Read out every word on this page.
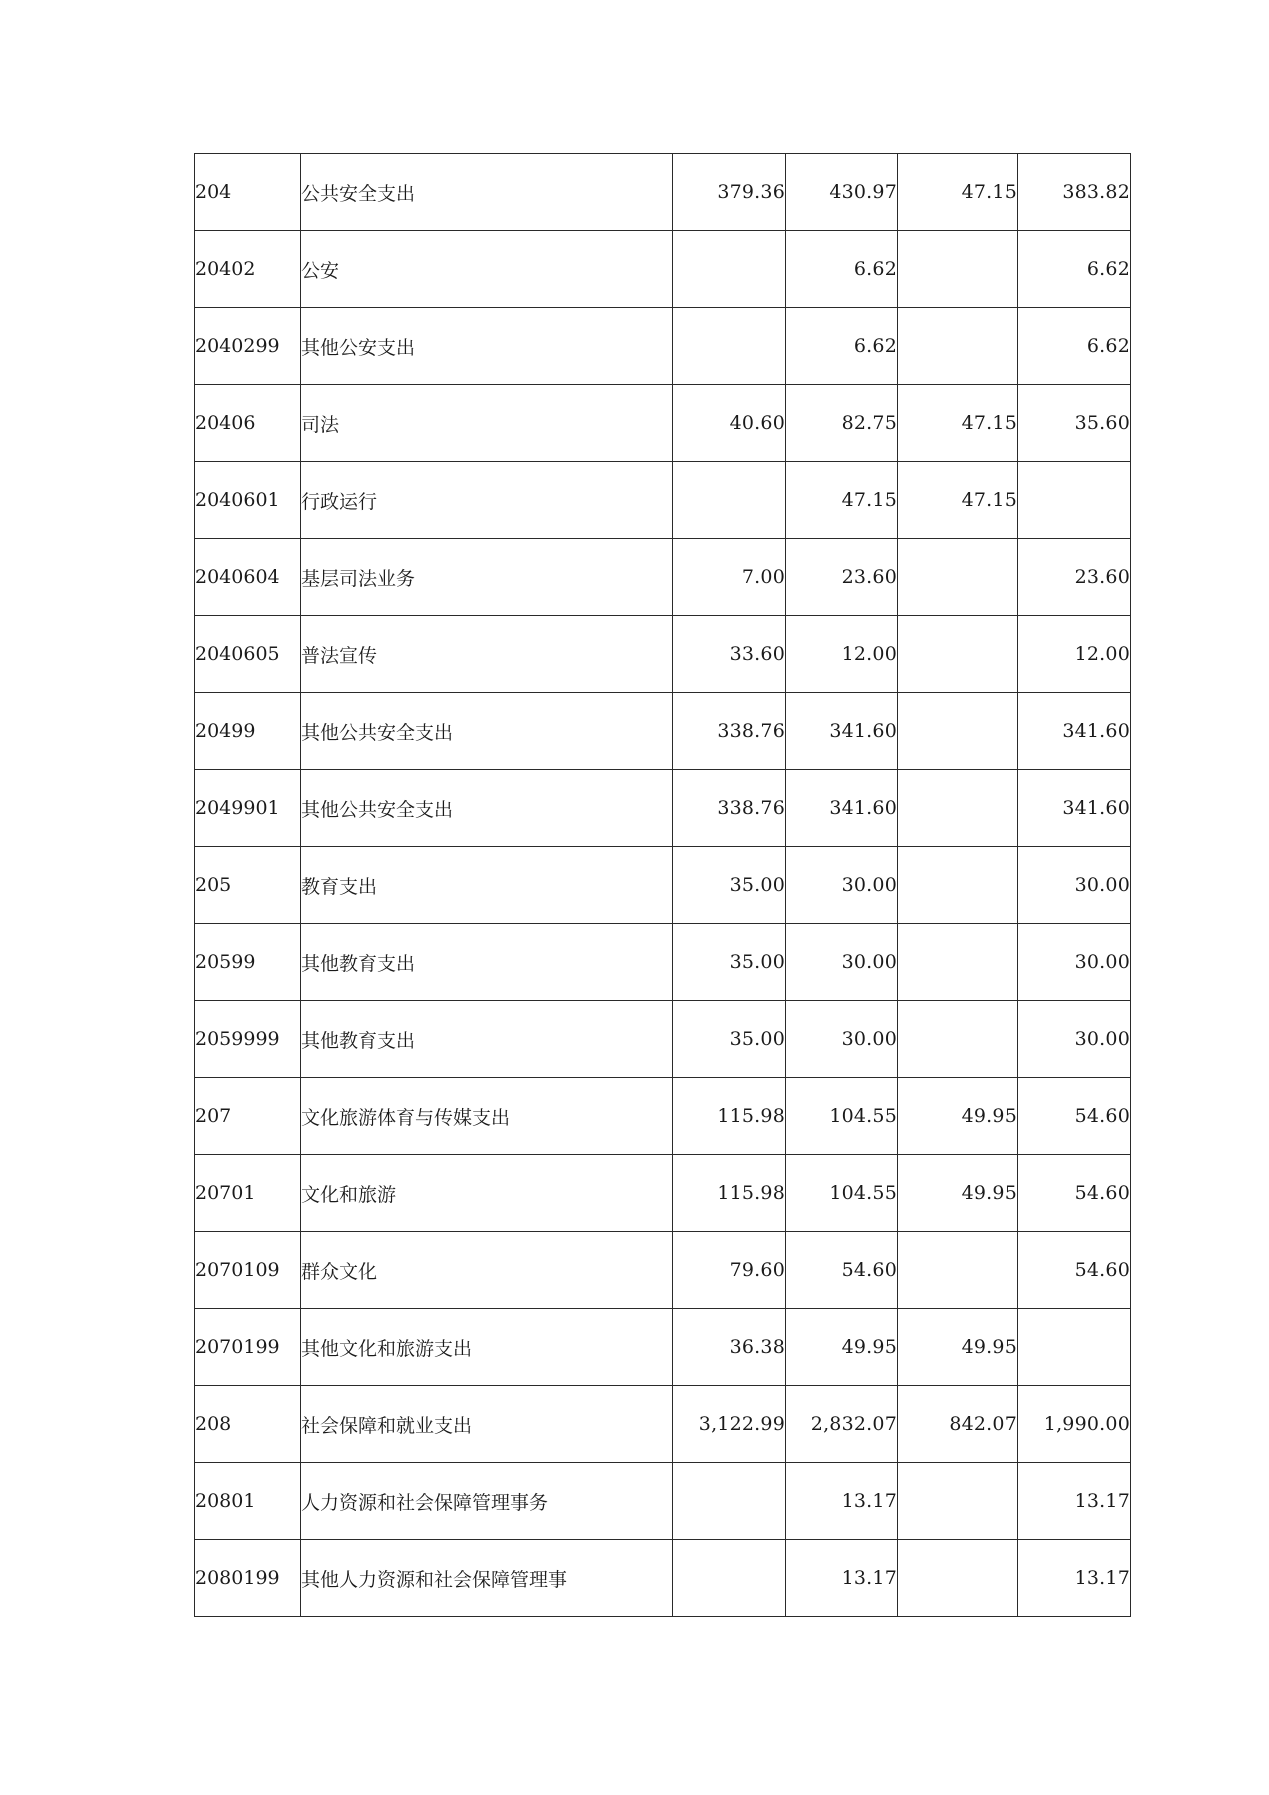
204	公共安全支出	379.36	430.97	47.15	383.82
20402	公安		6.62		6.62
2040299	其他公安支出		6.62		6.62
20406	司法	40.60	82.75	47.15	35.60
2040601	行政运行		47.15	47.15	
2040604	基层司法业务	7.00	23.60		23.60
2040605	普法宣传	33.60	12.00		12.00
20499	其他公共安全支出	338.76	341.60		341.60
2049901	其他公共安全支出	338.76	341.60		341.60
205	教育支出	35.00	30.00		30.00
20599	其他教育支出	35.00	30.00		30.00
2059999	其他教育支出	35.00	30.00		30.00
207	文化旅游体育与传媒支出	115.98	104.55	49.95	54.60
20701	文化和旅游	115.98	104.55	49.95	54.60
2070109	群众文化	79.60	54.60		54.60
2070199	其他文化和旅游支出	36.38	49.95	49.95	
208	社会保障和就业支出	3,122.99	2,832.07	842.07	1,990.00
20801	人力资源和社会保障管理事务		13.17		13.17
2080199	其他人力资源和社会保障管理事		13.17		13.17
